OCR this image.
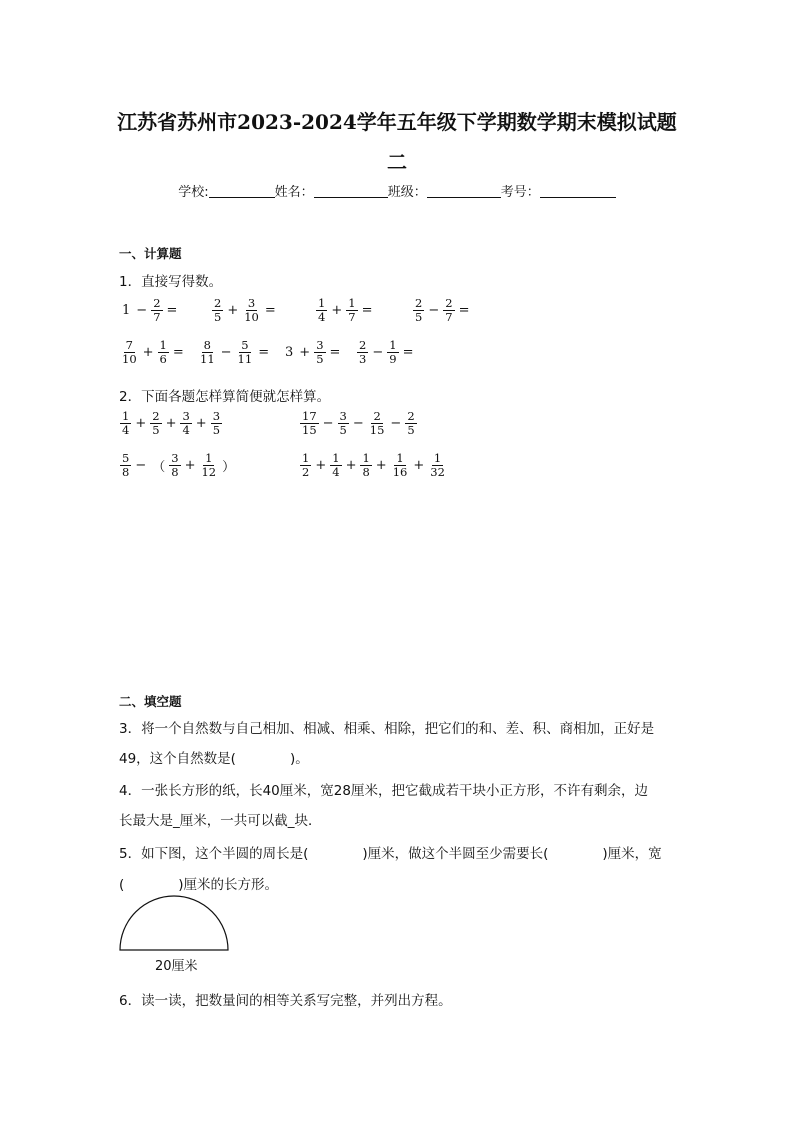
江苏省苏州市2023-2024学年五年级下学期数学期末模拟试题
二
学校:	姓名：	班级：	考号：
一、计算题
1．直接写得数。
$1 - \frac{2}{7}$ =	$\frac{2}{5} + \frac{3}{10}$ =	$\frac{1}{4} + \frac{1}{7}$ =	$\frac{2}{5} - \frac{2}{7}$ =
$\frac{7}{10} + \frac{1}{6} = \frac{8}{11} - \frac{5}{11} = 3 + \frac{3}{5} = \frac{2}{3} - \frac{1}{9}$ =
2．下面各题怎样算简便就怎样算。
$\frac{1}{4} + \frac{2}{5} + \frac{3}{4} + \frac{3}{5}$	$\frac{17}{15} - \frac{3}{5} - \frac{2}{15} - \frac{2}{5}$
$\frac{5}{8}$ − （ $\frac{3}{8} + \frac{1}{12}$ ）	$\frac{1}{2} + \frac{1}{4} + \frac{1}{8} + \frac{1}{16} + \frac{1}{32}$
二、填空题
3．将一个自然数与自己相加、相减、相乘、相除，把它们的和、差、积、商相加，正好是
49，这个自然数是(　　　　)。
4．一张长方形的纸，长40厘米，宽28厘米，把它截成若干块小正方形，不许有剩余，边
长最大是_厘米，一共可以截_块．
5．如下图，这个半圆的周长是(　　　　)厘米，做这个半圆至少需要长(　　　　)厘米，宽
(　　　　)厘米的长方形。
20厘米
6．读一读，把数量间的相等关系写完整，并列出方程。
